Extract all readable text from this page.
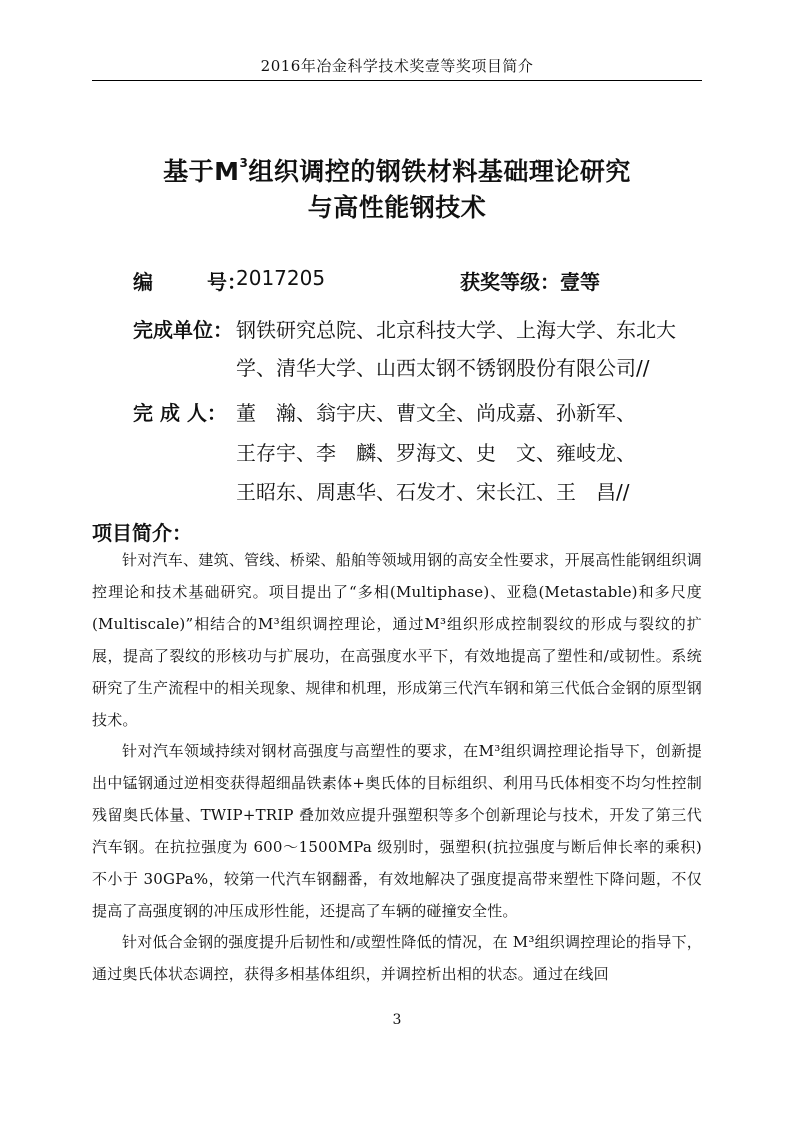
2016年冶金科学技术奖壹等奖项目简介
基于$M^3$组织调控的钢铁材料基础理论研究
与高性能钢技术
编	号：
2017205	获奖等级：壹等
完成单位： 钢铁研究总院、北京科技大学、上海大学、东北大
学、清华大学、山西太钢不锈钢股份有限公司//
完 成 人： 董　瀚、翁宇庆、曹文全、尚成嘉、孙新军、
王存宇、李　麟、罗海文、史　文、雍岐龙、
王昭东、周惠华、石发才、宋长江、王　昌//
项目简介：

针对汽车、建筑、管线、桥梁、船舶等领域用钢的高安全性要求，开展高性能钢组织调控理论和技术基础研究。项目提出了“多相(Multiphase)、亚稳(Metastable)和多尺度(Multiscale)”相结合的M³组织调控理论，通过M³组织形成控制裂纹的形成与裂纹的扩展，提高了裂纹的形核功与扩展功，在高强度水平下，有效地提高了塑性和/或韧性。系统研究了生产流程中的相关现象、规律和机理，形成第三代汽车钢和第三代低合金钢的原型钢技术。

针对汽车领域持续对钢材高强度与高塑性的要求，在M³组织调控理论指导下，创新提出中锰钢通过逆相变获得超细晶铁素体+奥氏体的目标组织、利用马氏体相变不均匀性控制残留奥氏体量、TWIP+TRIP 叠加效应提升强塑积等多个创新理论与技术，开发了第三代汽车钢。在抗拉强度为 600～1500MPa 级别时，强塑积(抗拉强度与断后伸长率的乘积)不小于 30GPa%，较第一代汽车钢翻番，有效地解决了强度提高带来塑性下降问题，不仅提高了高强度钢的冲压成形性能，还提高了车辆的碰撞安全性。

针对低合金钢的强度提升后韧性和/或塑性降低的情况，在 M³组织调控理论的指导下，通过奥氏体状态调控，获得多相基体组织，并调控析出相的状态。通过在线回

3
